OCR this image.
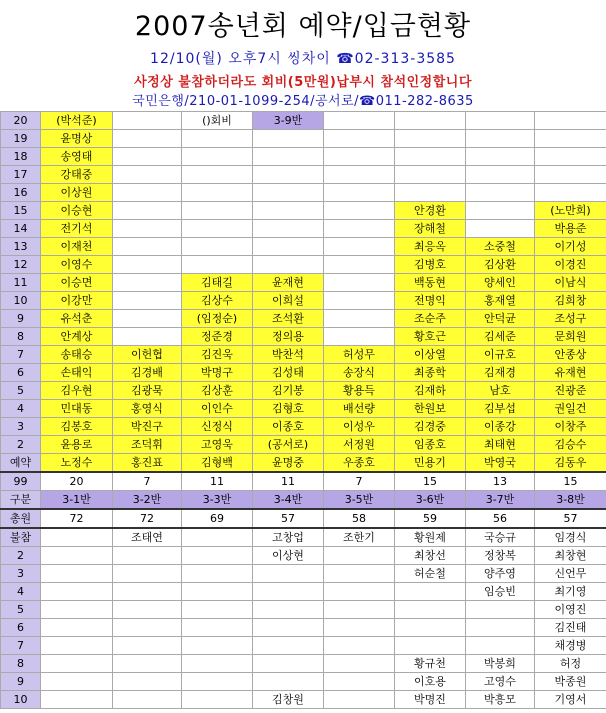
2007송년회 예약/입금현황
12/10(월) 오후7시 씽차이 ☎02-313-3585
사정상 불참하더라도 회비(5만원)납부시 참석인정합니다
국민은행/210-01-1099-254/공서로/☎011-282-8635
20	(박석준)		()회비	3-9반				
19	윤명상							
18	송영태							
17	강태중							
16	이상원							
15	이승현					안경환		(노만희)
14	전기석					장해철		박용준
13	이재천					최응옥	소중철	이기성
12	이영수					김병호	김상환	이경진
11	이승면		김태길	윤재현		백동현	양세인	이남식
10	이강만		김상수	이희설		전명익	홍재열	김희창
9	유석춘		(임정순)	조석환		조순주	안덕균	조성구
8	안계상		정준경	정의용		황호근	김세준	문희원
7	송태승	이헌협	김진욱	박찬석	허성무	이상열	이규호	안종상
6	손태익	김경배	박명구	김성태	송장식	최종학	김재경	유재현
5	김우현	김광묵	김상훈	김기봉	황용득	김재하	남호	진광준
4	민대동	홍영식	이인수	김형호	배선량	한원보	김부섭	권일건
3	김봉호	박진구	신정식	이종호	이성우	김경중	이종강	이창주
2	윤용로	조덕휘	고영욱	(공서로)	서정원	임종호	최태현	김승수
예약	노정수	홍진표	김형백	윤명중	우종호	민용기	박영국	김동우
99	20	7	11	11	7	15	13	15
구분	3-1반	3-2반	3-3반	3-4반	3-5반	3-6반	3-7반	3-8반
총원	72	72	69	57	58	59	56	57
불참		조태연		고창업	조한기	황원제	국승규	임경식
2				이상현		최창선	정창복	최창현
3						허순철	양주영	신언무
4							임승빈	최기영
5								이영진
6								김진태
7								채경병
8						황규천	박봉희	허정
9						이호용	고영수	박종원
10				김창원		박명진	박흥모	기영서
